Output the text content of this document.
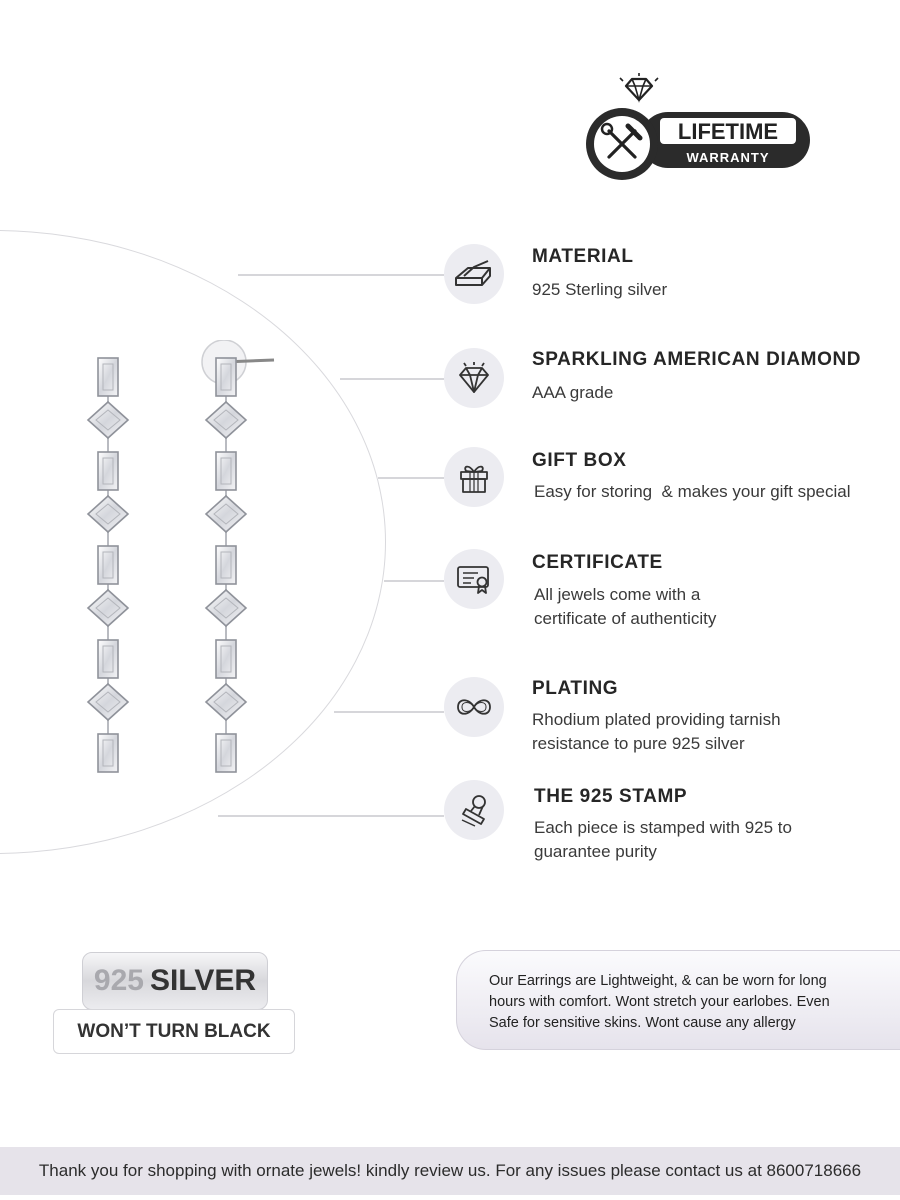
LIFETIME
WARRANTY
MATERIAL
925 Sterling silver
SPARKLING AMERICAN DIAMOND
AAA grade
GIFT BOX
Easy for storing  & makes your gift special
CERTIFICATE
All jewels come with a
certificate of authenticity
PLATING
Rhodium plated providing tarnish
resistance to pure 925 silver
THE 925 STAMP
Each piece is stamped with 925 to
guarantee purity
925 SILVER
WON’T TURN BLACK
Our Earrings are Lightweight, & can be worn for long
hours with comfort. Wont stretch your earlobes. Even
Safe for sensitive skins. Wont cause any allergy
Thank you for shopping with ornate jewels! kindly review us. For any issues please contact us at 8600718666
